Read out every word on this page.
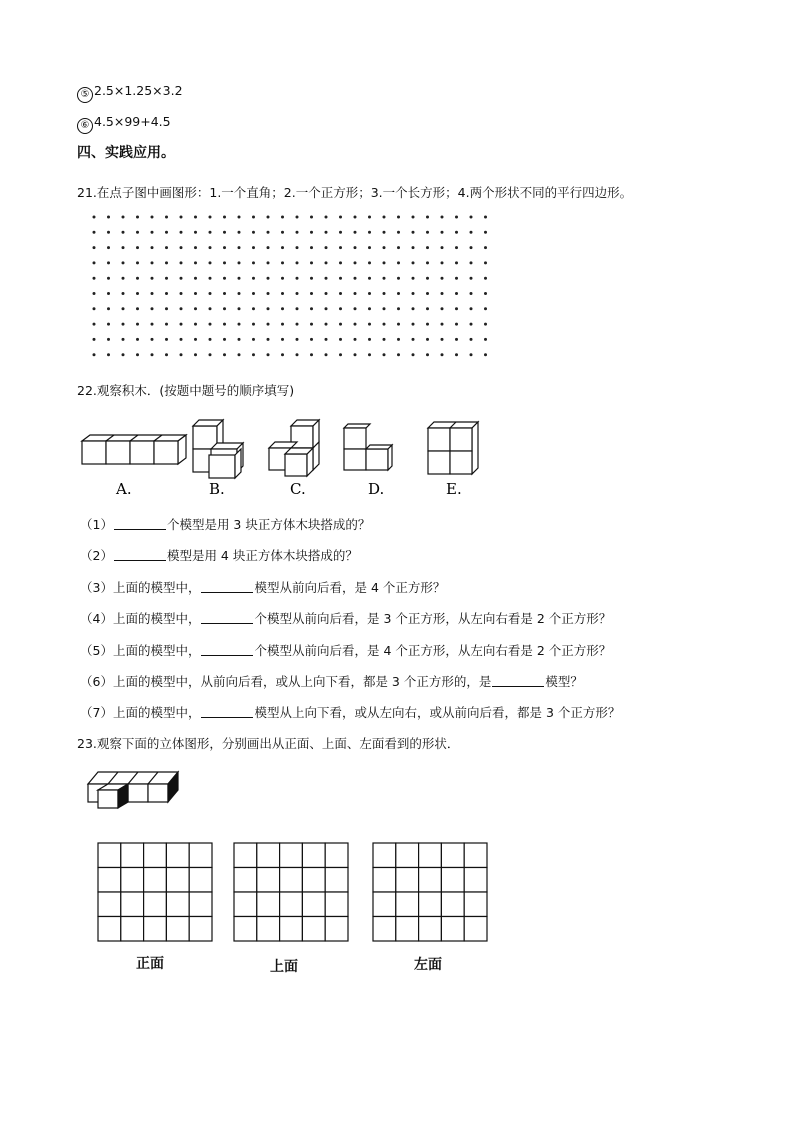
⑤ 2.5×1.25×3.2
⑥ 4.5×99+4.5
四、实践应用。
21.在点子图中画图形：1.一个直角；2.一个正方形；3.一个长方形；4.两个形状不同的平行四边形。
22.观察积木．(按题中题号的顺序填写)
A.	B.	C.	D.	E.
（1）	个模型是用 3 块正方体木块搭成的？
（2）	模型是用 4 块正方体木块搭成的？
（3）上面的模型中，	模型从前向后看，是 4 个正方形？
（4）上面的模型中，	个模型从前向后看，是 3 个正方形，从左向右看是 2 个正方形？
（5）上面的模型中，	个模型从前向后看，是 4 个正方形，从左向右看是 2 个正方形？
（6）上面的模型中，从前向后看，或从上向下看，都是 3 个正方形的，是	模型？
（7）上面的模型中，	模型从上向下看，或从左向右，或从前向后看，都是 3 个正方形？
23.观察下面的立体图形，分别画出从正面、上面、左面看到的形状．
正面	上面	左面
